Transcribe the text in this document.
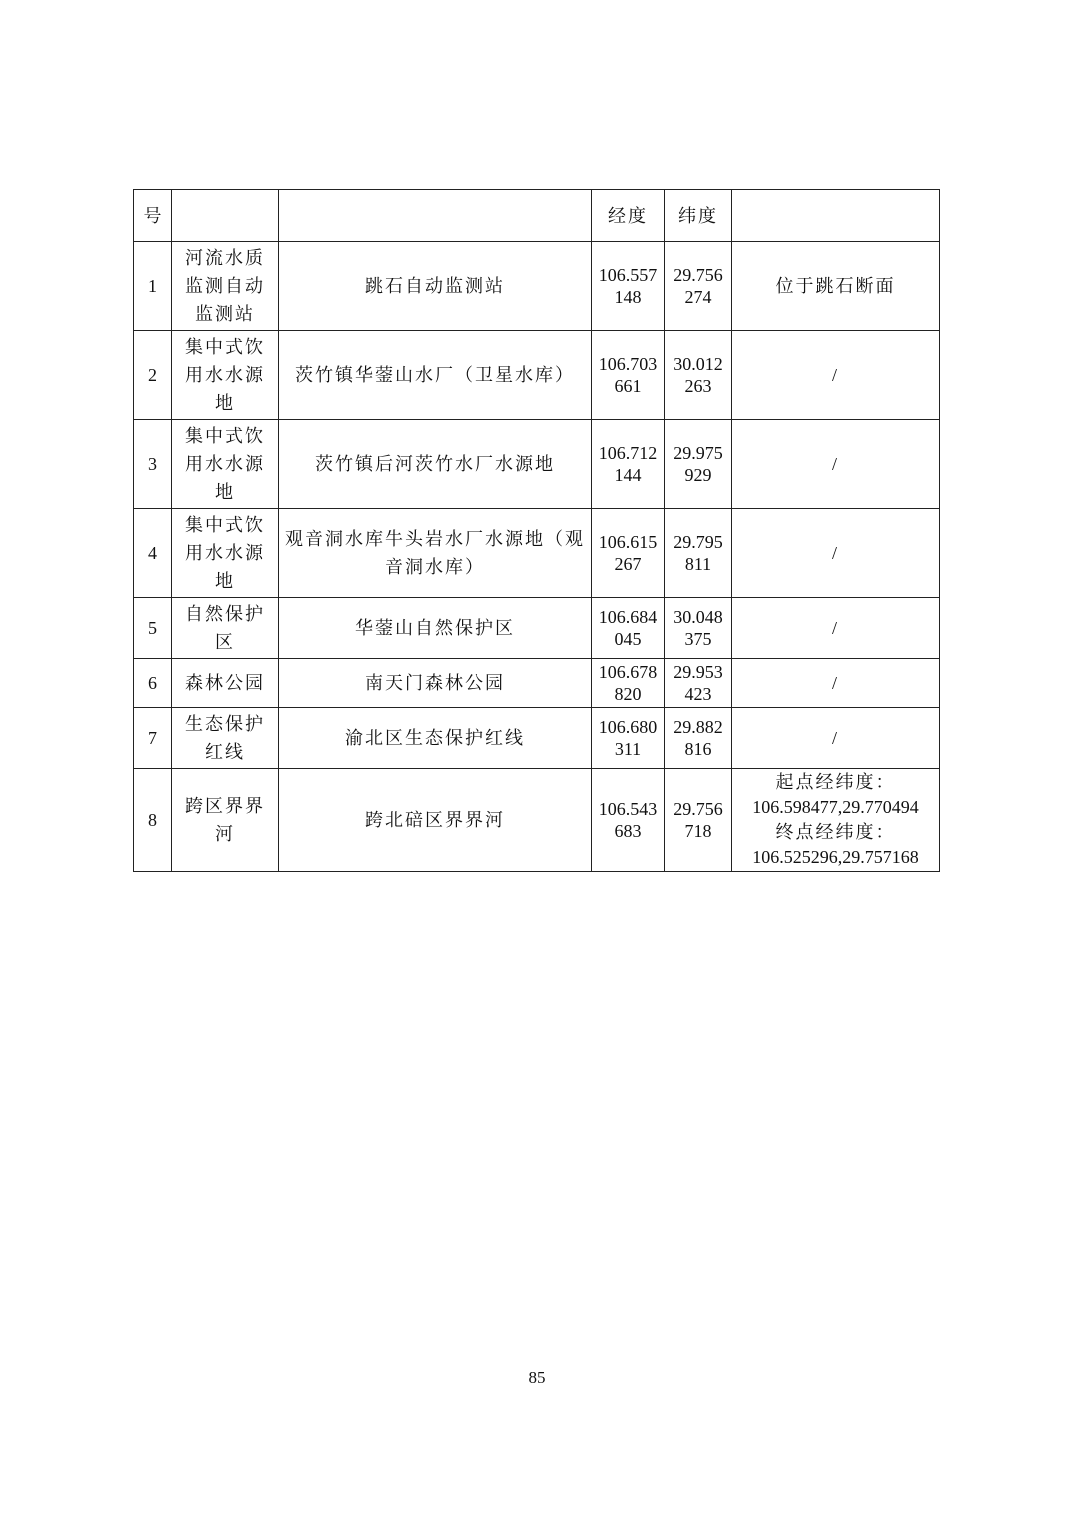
号			经度	纬度	
1	河流水质监测自动监测站	跳石自动监测站	106.557148	29.756274	位于跳石断面
2	集中式饮用水水源地	茨竹镇华蓥山水厂（卫星水库）	106.703661	30.012263	/
3	集中式饮用水水源地	茨竹镇后河茨竹水厂水源地	106.712144	29.975929	/
4	集中式饮用水水源地	观音洞水库牛头岩水厂水源地（观音洞水库）	106.615267	29.795811	/
5	自然保护区	华蓥山自然保护区	106.684045	30.048375	/
6	森林公园	南天门森林公园	106.678820	29.953423	/
7	生态保护红线	渝北区生态保护红线	106.680311	29.882816	/
8	跨区界界河	跨北碚区界界河	106.543683	29.756718	起点经纬度：
106.598477,29.770494
终点经纬度：
106.525296,29.757168
85
